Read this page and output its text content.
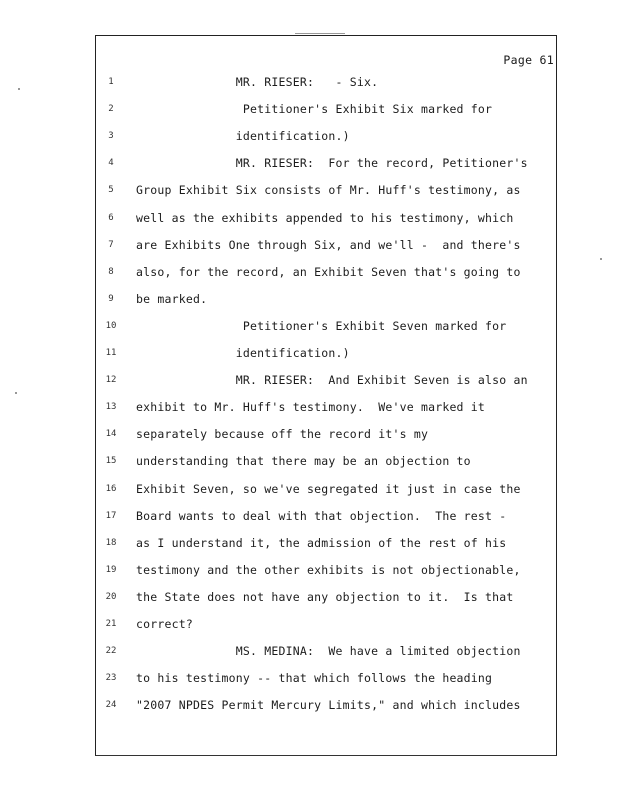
Page 61
1	MR. RIESER:   - Six.
2	Petitioner's Exhibit Six marked for
3	identification.)
4	MR. RIESER:  For the record, Petitioner's
5	Group Exhibit Six consists of Mr. Huff's testimony, as
6	well as the exhibits appended to his testimony, which
7	are Exhibits One through Six, and we'll -  and there's
8	also, for the record, an Exhibit Seven that's going to
9	be marked.
10 Petitioner's Exhibit Seven marked for
11 identification.)
12 MR. RIESER:  And Exhibit Seven is also an
13 exhibit to Mr. Huff's testimony.  We've marked it
14 separately because off the record it's my
15 understanding that there may be an objection to
16 Exhibit Seven, so we've segregated it just in case the
17 Board wants to deal with that objection.  The rest -
18 as I understand it, the admission of the rest of his
19 testimony and the other exhibits is not objectionable,
20 the State does not have any objection to it.  Is that
21 correct?
22 MS. MEDINA:  We have a limited objection
23 to his testimony -- that which follows the heading
24 "2007 NPDES Permit Mercury Limits," and which includes
